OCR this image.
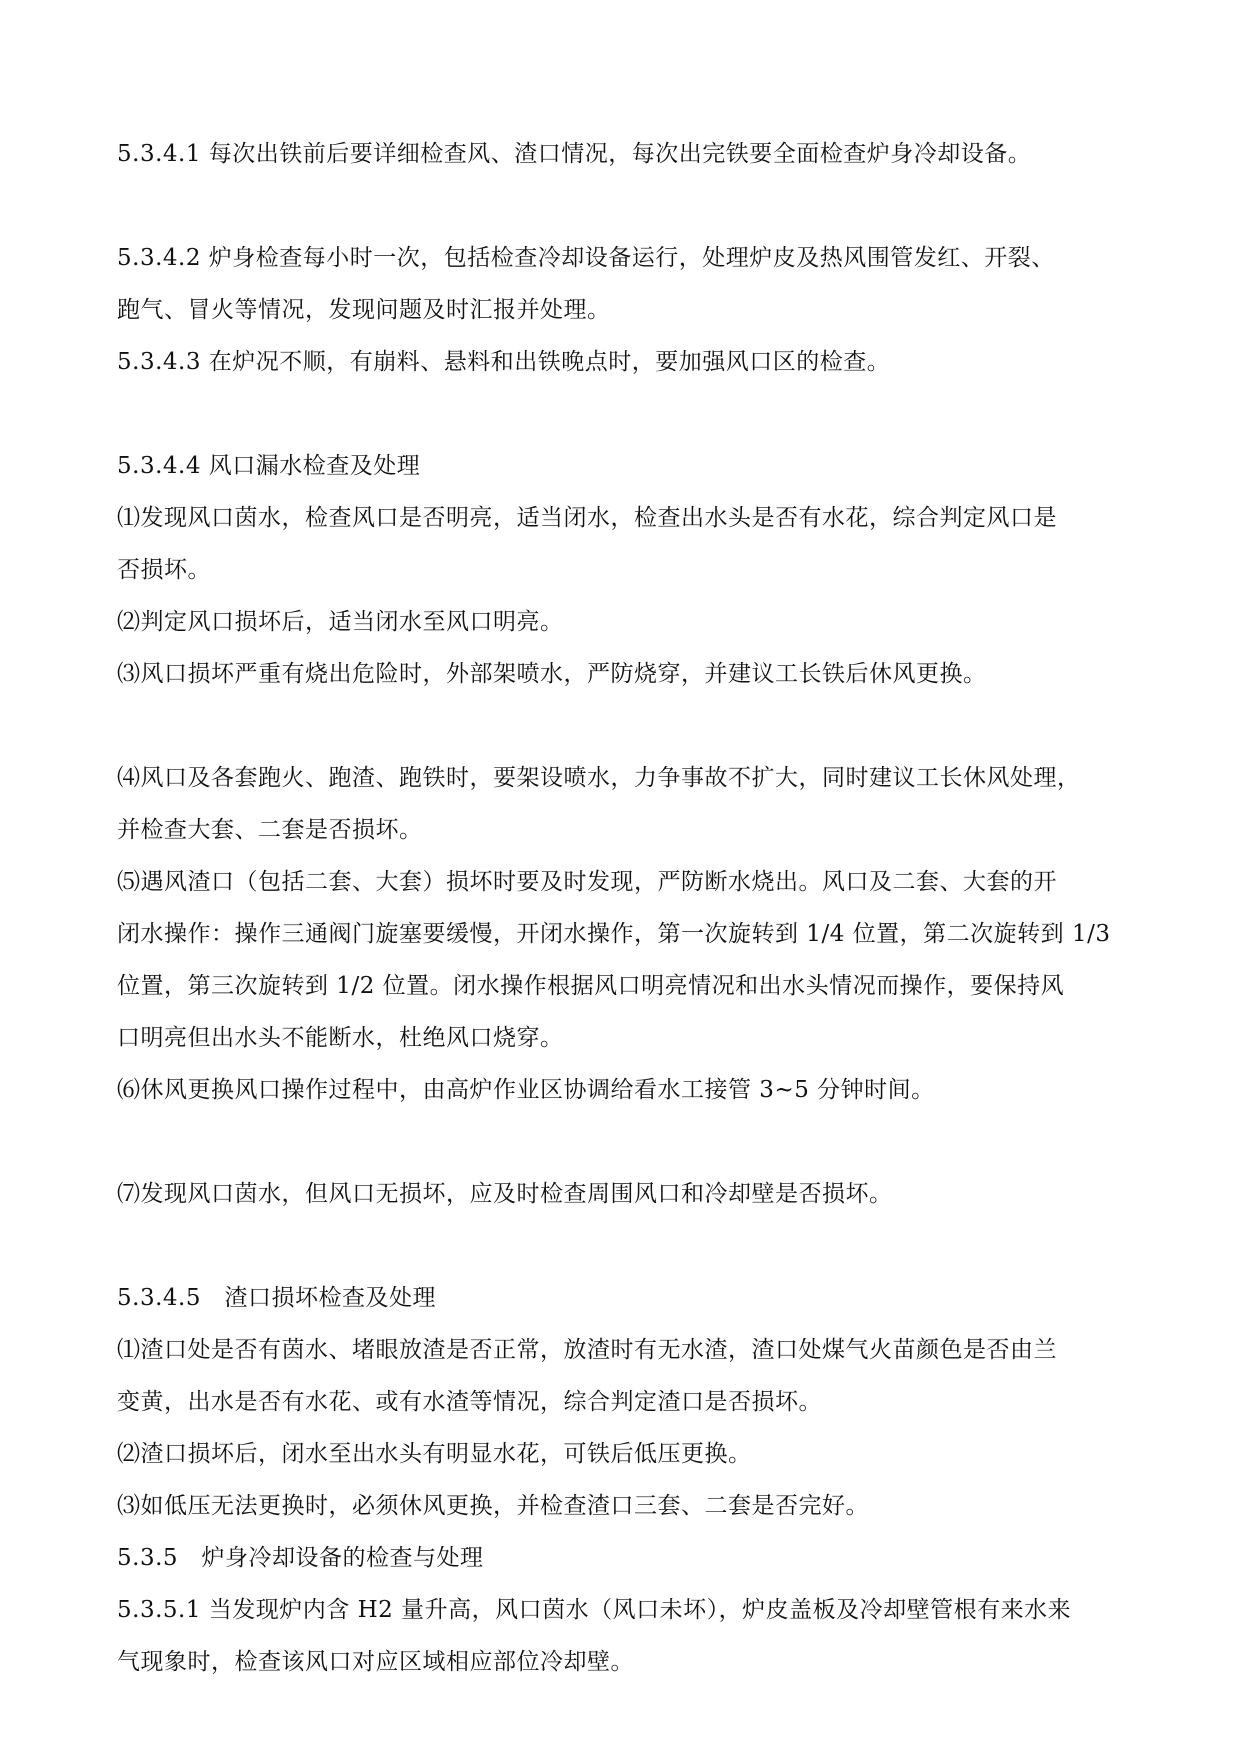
5.3.4.1 每次出铁前后要详细检查风、渣口情况，每次出完铁要全面检查炉身冷却设备。
5.3.4.2 炉身检查每小时一次，包括检查冷却设备运行，处理炉皮及热风围管发红、开裂、
跑气、冒火等情况，发现问题及时汇报并处理。
5.3.4.3 在炉况不顺，有崩料、悬料和出铁晚点时，要加强风口区的检查。
5.3.4.4 风口漏水检查及处理
⑴发现风口茵水，检查风口是否明亮，适当闭水，检查出水头是否有水花，综合判定风口是
否损坏。
⑵判定风口损坏后，适当闭水至风口明亮。
⑶风口损坏严重有烧出危险时，外部架喷水，严防烧穿，并建议工长铁后休风更换。
⑷风口及各套跑火、跑渣、跑铁时，要架设喷水，力争事故不扩大，同时建议工长休风处理，
并检查大套、二套是否损坏。
⑸遇风渣口（包括二套、大套）损坏时要及时发现，严防断水烧出。风口及二套、大套的开
闭水操作：操作三通阀门旋塞要缓慢，开闭水操作，第一次旋转到 1/4 位置，第二次旋转到 1/3
位置，第三次旋转到 1/2 位置。闭水操作根据风口明亮情况和出水头情况而操作，要保持风
口明亮但出水头不能断水，杜绝风口烧穿。
⑹休风更换风口操作过程中，由高炉作业区协调给看水工接管 3~5 分钟时间。
⑺发现风口茵水，但风口无损坏，应及时检查周围风口和冷却壁是否损坏。
5.3.4.5　渣口损坏检查及处理
⑴渣口处是否有茵水、堵眼放渣是否正常，放渣时有无水渣，渣口处煤气火苗颜色是否由兰
变黄，出水是否有水花、或有水渣等情况，综合判定渣口是否损坏。
⑵渣口损坏后，闭水至出水头有明显水花，可铁后低压更换。
⑶如低压无法更换时，必须休风更换，并检查渣口三套、二套是否完好。
5.3.5　炉身冷却设备的检查与处理
5.3.5.1 当发现炉内含 H2 量升高，风口茵水（风口未坏），炉皮盖板及冷却壁管根有来水来
气现象时，检查该风口对应区域相应部位冷却壁。
